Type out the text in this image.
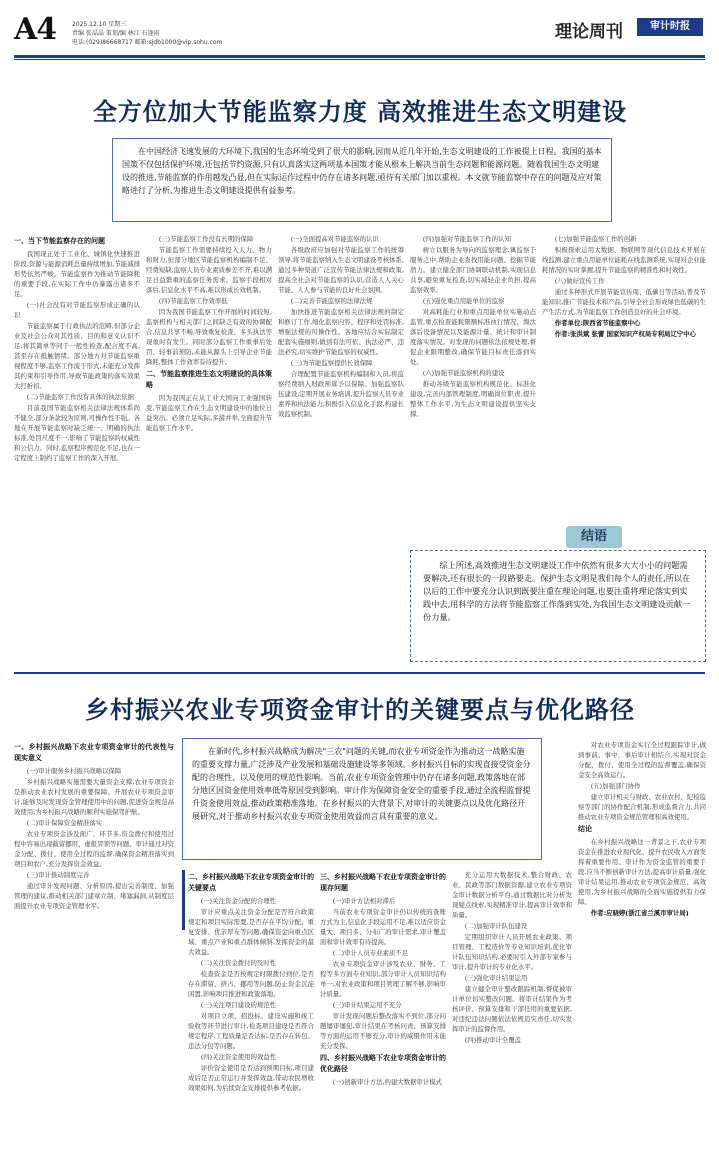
A4	2025.12.10 星期三
责编 张晶晶 策划/编 林江 石逢雨
电话:(029)86668717 邮箱:sjdb1000@vip.sohu.com
理论周刊	审计时报
全方位加大节能监察力度 高效推进生态文明建设
在中国经济飞速发展的大环境下,我国的生态环境受到了很大的影响,因而从近几年开始,生态文明建设的工作被提上日程。我国的基本国策不仅包括保护环境,还包括节约资源,只有认真落实这两项基本国策才能从根本上解决当前生态问题和能源问题。随着我国生态文明建设的推进,节能监察的作用越发凸显,但在实际运作过程中仍存在诸多问题,亟待有关部门加以重视。本文就节能监察中存在的问题及应对策略进行了分析,为推进生态文明建设提供有益参考。
一、当下节能监察存在的问题

我国现正处于工业化、城镇化快速推进阶段,资源与能源消耗总量持续增加,节能减排形势依然严峻。节能监察作为推动节能降耗的重要手段,在实际工作中仍暴露出诸多不足。

(一)社会没有对节能监察形成正确的认识

节能监察属于行政执法的范畴,但部分企业及社会公众对其性质、目的和意义认识不足,将其简单等同于一般性检查,配合度不高,甚至存在抵触情绪。部分地方对节能监察重视程度不够,监察工作流于形式,未能充分发挥其约束和引导作用,导致节能政策的落实效果大打折扣。

(二)节能监察工作没有具体的执法依据

目前我国节能监察相关法律法规体系尚不健全,部分条款较为原则,可操作性不强。各地在开展节能监察时缺乏统一、明确的执法标准,处罚尺度不一,影响了节能监察的权威性和公信力。同时,监察程序规范化不足,也在一定程度上制约了监察工作的深入开展。

(三)节能监察工作没有长期的保障

节能监察工作需要持续投入人力、物力和财力,但部分地区节能监察机构编制不足、经费短缺,监察人员专业素质参差不齐,难以满足日益繁重的监察任务需求。监察手段相对落后,信息化水平不高,难以形成长效机制。

(四)节能监察工作效率低

因为我国节能监察工作开展的时间较短,监察机构与相关部门之间缺乏有效的协调配合,信息共享不畅,导致重复检查、多头执法等现象时有发生。同时部分监察工作重事后处罚、轻事前预防,未能从源头上引导企业节能降耗,整体工作效率有待提升。

二、节能监察推进生态文明建设的具体策略

因为我国正在从工业大国向工业强国转变,节能监察工作在生态文明建设中的地位日益突出。必须立足实际,多措并举,全面提升节能监察工作水平。

(一)全面提高对节能监察的认识

各级政府应加强对节能监察工作的统筹领导,将节能监察纳入生态文明建设考核体系,通过多种渠道广泛宣传节能法律法规和政策,提高全社会对节能监察的认识,营造人人关心节能、人人参与节能的良好社会氛围。

(二)完善节能监察的法律法规

加快推进节能监察相关法律法规的制定和修订工作,细化监察内容、程序和处罚标准,增强法规的可操作性。各地应结合实际制定配套实施细则,做到有法可依、执法必严、违法必究,切实维护节能监察的权威性。

(三)为节能监察提供长效保障

合理配置节能监察机构编制和人员,将监察经费纳入财政预算予以保障。加强监察队伍建设,定期开展业务培训,提升监察人员专业素养和执法能力,积极引入信息化手段,构建长效监察机制。

(四)加强对节能监察工作的认知

树立以服务为导向的监察理念,寓监察于服务之中,帮助企业查找用能问题、挖掘节能潜力。建立健全部门协调联动机制,实现信息共享,避免重复检查,切实减轻企业负担,提高监察效率。

(五)强化重点用能单位的监察

对高耗能行业和重点用能单位实施动态监管,重点检查能耗限额标准执行情况、淘汰落后设备情况以及能源计量、统计和审计制度落实情况。对发现的问题依法依规处理,督促企业限期整改,确保节能目标责任落到实处。

(六)加强节能监察机构的建设

推动各级节能监察机构规范化、标准化建设,完善内部管理制度,明确岗位职责,提升整体工作水平,为生态文明建设提供坚实支撑。

(七)加强节能监察工作的创新

积极探索运用大数据、物联网等现代信息技术开展在线监测,建立重点用能单位能耗在线监测系统,实现对企业能耗情况的实时掌握,提升节能监察的精准性和时效性。

(八)做好宣传工作

通过多种形式开展节能宣传周、低碳日等活动,普及节能知识,推广节能技术和产品,引导全社会形成绿色低碳的生产生活方式,为节能监察工作创造良好的社会环境。

作者单位:陕西省节能监察中心

作者:张洪斌 张蕾 国家知识产权局专利局辽宁中心

结语
综上所述,高效推进生态文明建设工作中依然有很多大大小小的问题需要解决,还有很长的一段路要走。保护生态文明是我们每个人的责任,所以在以后的工作中要充分认识到既要注重在理论问题,也要注重将理论落实到实践中去,用科学的方法将节能监察工作落到实处,为我国生态文明建设贡献一份力量。
乡村振兴农业专项资金审计的关键要点与优化路径
在新时代,乡村振兴战略成为解决"三农"问题的关键,而农业专项资金作为推动这一战略实施的重要支撑力量,广泛涉及产业发展和基础设施建设等多领域。乡村振兴目标的实现直接受资金分配的合理性、以及使用的规范性影响。当前,农业专项资金管理中仍存在诸多问题,政策落地在部分地区因资金使用效率低等原因受到影响。审计作为保障资金安全的重要手段,通过全流程监督提升资金使用效益,推动政策精准落地。在乡村振兴的大背景下,对审计的关键要点以及优化路径开展研究,对于推动乡村振兴农业专项资金使用效益而言具有重要的意义。
一、乡村振兴战略下农业专项资金审计的代表性与现实意义

(一)审计服务乡村振兴战略以保障

乡村振兴战略实施需要大量资金支撑,农业专项资金是推动农业农村发展的重要保障。开展农业专项资金审计,能够及时发现资金管理使用中的问题,促进资金规范高效使用,为乡村振兴战略的顺利实施保驾护航。

(二)审计保障资金精准落实

农业专项资金涉及面广、环节多,资金拨付和使用过程中容易出现截留挪用、虚报冒领等问题。审计通过对资金分配、拨付、使用全过程的监督,确保资金精准落实到项目和农户,充分发挥资金效益。

(三)审计推动制度完善

通过审计发现问题、分析原因,提出完善制度、加强管理的建议,推动相关部门建章立制、堵塞漏洞,从制度层面提升农业专项资金管理水平。

二、乡村振兴战略下农业专项资金审计的关键要点

(一)关注资金分配的合理性

审计应重点关注资金分配是否符合政策规定和项目实际需要,是否存在平均分配、重复安排、优亲厚友等问题,确保资金向重点区域、重点产业和重点群体倾斜,发挥资金的最大效益。

(二)关注资金拨付的及时性

检查资金是否按规定时限拨付到位,是否存在滞留、挤占、挪用等问题,防止资金沉淀闲置,影响项目推进和政策落地。

(三)关注项目建设的规范性

对项目立项、招投标、建设实施和竣工验收等环节进行审计,检查项目建设是否符合规定程序,工程质量是否达标,是否存在转包、违法分包等问题。

(四)关注资金使用的效益性

评价资金使用是否达到预期目标,项目建成后是否正常运行并发挥效益,带动农民增收效果如何,为后续资金安排提供参考依据。

三、乡村振兴战略下农业专项资金审计的现存问题

(一)审计方法相对滞后

当前农业专项资金审计仍以传统的查账方式为主,信息化手段运用不足,难以适应资金量大、项目多、分布广的审计需求,审计覆盖面和审计效率有待提高。

(二)审计人员专业素质不足

农业专项资金审计涉及农业、财务、工程等多方面专业知识,部分审计人员知识结构单一,对农业政策和项目管理了解不够,影响审计质量。

(三)审计结果运用不充分

审计发现问题后整改落实不到位,部分问题屡审屡犯,审计结果在考核问责、预算安排等方面的运用不够充分,审计的威慑作用未能充分发挥。

四、乡村振兴战略下农业专项资金审计的优化路径

(一)创新审计方法,构建大数据审计模式

充分运用大数据技术,整合财政、农业、民政等部门数据资源,建立农业专项资金审计数据分析平台,通过数据比对分析发现疑点线索,实现精准审计,提高审计效率和质量。

(二)加强审计队伍建设

定期组织审计人员开展农业政策、项目管理、工程造价等专业知识培训,优化审计队伍知识结构,必要时引入外部专家参与审计,提升审计的专业化水平。

(三)强化审计结果运用

建立健全审计整改跟踪机制,督促被审计单位切实整改问题。将审计结果作为考核评价、预算安排和干部任用的重要依据,对违纪违法问题依法依规追究责任,切实发挥审计的监督作用。

(四)推动审计全覆盖

对农业专项资金实行全过程跟踪审计,做到事前、事中、事后审计相结合,实现对资金分配、拨付、使用全过程的监督覆盖,确保资金安全高效运行。

(五)加强部门协作

建立审计机关与财政、农业农村、纪检监察等部门的协作配合机制,形成监督合力,共同推动农业专项资金规范管理和高效使用。

结论

在乡村振兴战略这一背景之下,农业专项资金在推进农业现代化、提升农民收入方面发挥着重要作用。审计作为资金监管的重要手段,应当不断创新审计方法,提高审计质量,强化审计结果运用,推动农业专项资金规范、高效使用,为乡村振兴战略的全面实施提供有力保障。

作者:应晓婷(浙江省兰溪市审计局)
